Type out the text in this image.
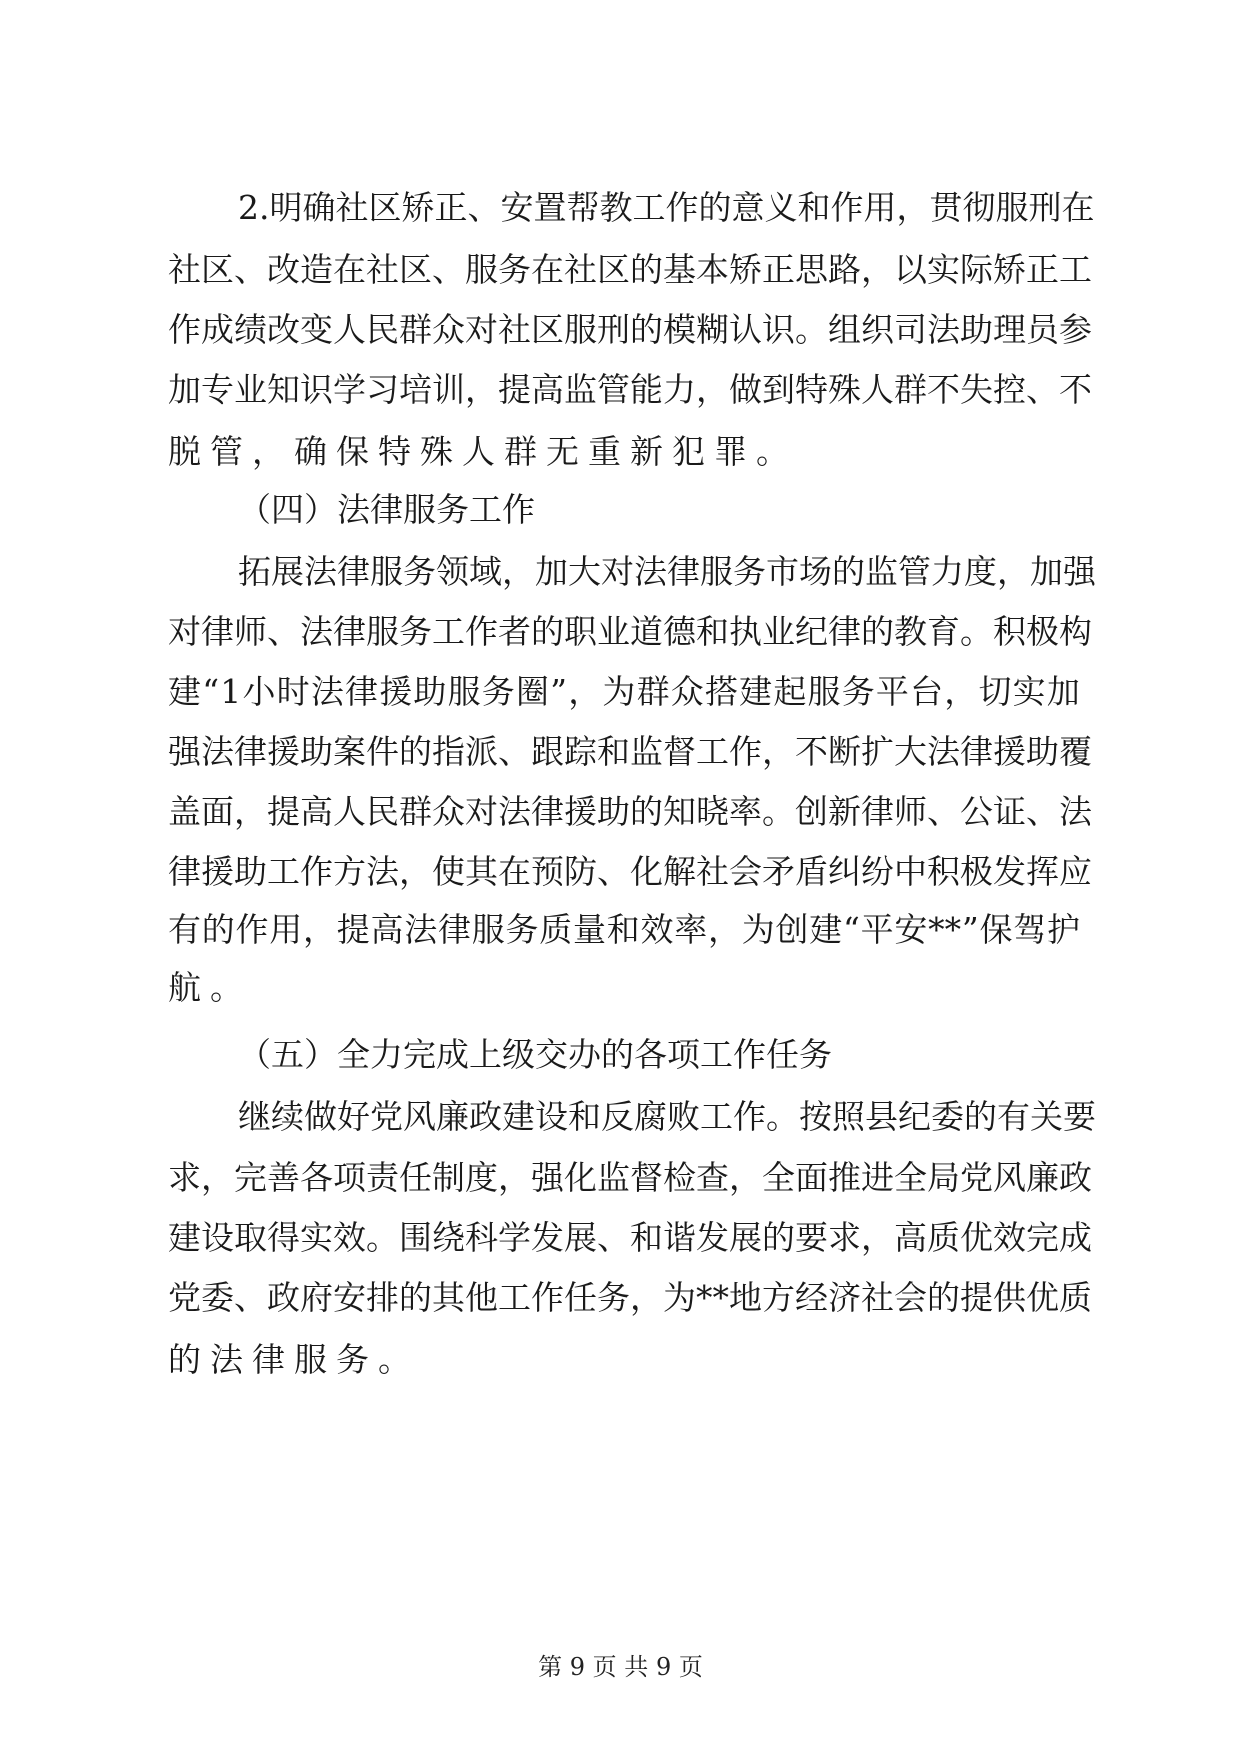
2. 明 确 社 区 矫 正 、 安 置 帮 教 工 作 的 意 义 和 作 用 ， 贯 彻 服 刑 在
社 区 、 改 造 在 社 区 、 服 务 在 社 区 的 基 本 矫 正 思 路 ， 以 实 际 矫 正 工
作 成 绩 改 变 人 民 群 众 对 社 区 服 刑 的 模 糊 认 识 。 组 织 司 法 助 理 员 参
加 专 业 知 识 学 习 培 训 ， 提 高 监 管 能 力 ， 做 到 特 殊 人 群 不 失 控 、 不
脱管，确保特殊人群无重新犯罪。
（四）法律服务工作
拓 展 法 律 服 务 领 域 ， 加 大 对 法 律 服 务 市 场 的 监 管 力 度 ， 加 强
对 律 师 、 法 律 服 务 工 作 者 的 职 业 道 德 和 执 业 纪 律 的 教 育 。 积 极 构
建 “ 1 小 时 法 律 援 助 服 务 圈 ” ， 为 群 众 搭 建 起 服 务 平 台 ， 切 实 加
强 法 律 援 助 案 件 的 指 派 、 跟 踪 和 监 督 工 作 ， 不 断 扩 大 法 律 援 助 覆
盖 面 ， 提 高 人 民 群 众 对 法 律 援 助 的 知 晓 率 。 创 新 律 师 、 公 证 、 法
律 援 助 工 作 方 法 ， 使 其 在 预 防 、 化 解 社 会 矛 盾 纠 纷 中 积 极 发 挥 应
有 的 作 用 ， 提 高 法 律 服 务 质 量 和 效 率 ， 为 创 建 “ 平 安 ** ” 保 驾 护
航。
（五）全力完成上级交办的各项工作任务
继 续 做 好 党 风 廉 政 建 设 和 反 腐 败 工 作 。 按 照 县 纪 委 的 有 关 要
求 ， 完 善 各 项 责 任 制 度 ， 强 化 监 督 检 查 ， 全 面 推 进 全 局 党 风 廉 政
建 设 取 得 实 效 。 围 绕 科 学 发 展 、 和 谐 发 展 的 要 求 ， 高 质 优 效 完 成
党 委 、 政 府 安 排 的 其 他 工 作 任 务 ， 为 ** 地 方 经 济 社 会 的 提 供 优 质
的法律服务。
第 9 页 共 9 页
